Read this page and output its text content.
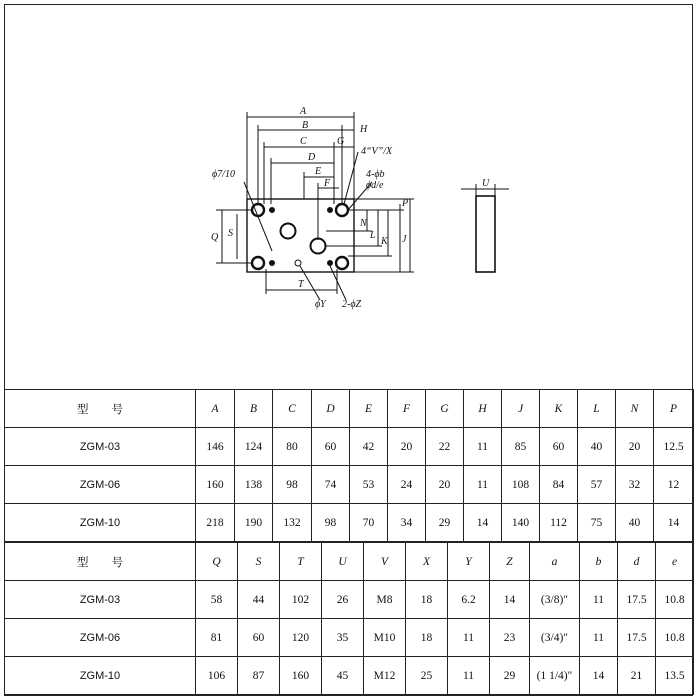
A
B
C
D
E
F
G
H
4“V”/X
4-ϕb
ϕd/e
ϕ7/10
Q S
N
L
K J
P
T
ϕY 2-ϕZ
U
型　　号	A	B	C	D	E	F	G	H	J	K	L	N	P
ZGM-03	146	124	80	60	42	20	22	11	85	60	40	20	12.5
ZGM-06	160	138	98	74	53	24	20	11	108	84	57	32	12
ZGM-10	218	190	132	98	70	34	29	14	140	112	75	40	14
型　　号	Q	S	T	U	V	X	Y	Z	a	b	d	e
ZGM-03	58	44	102	26	M8	18	6.2	14	(3/8)″	11	17.5	10.8
ZGM-06	81	60	120	35	M10	18	11	23	(3/4)″	11	17.5	10.8
ZGM-10	106	87	160	45	M12	25	11	29	(1 1/4)″	14	21	13.5
